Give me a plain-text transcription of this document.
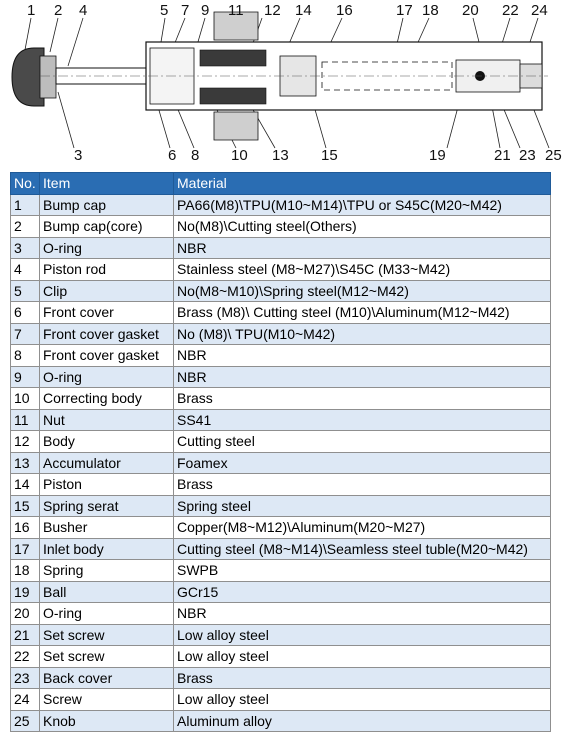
1 2 4	5 7 9 11 12 14 16	17 18 20 22 24
3	6 8 10 13 15	19	21 23 25
No.	Item	Material
1	Bump cap	PA66(M8)\TPU(M10~M14)\TPU or S45C(M20~M42)
2	Bump cap(core)	No(M8)\Cutting steel(Others)
3	O-ring	NBR
4	Piston rod	Stainless steel (M8~M27)\S45C (M33~M42)
5	Clip	No(M8~M10)\Spring steel(M12~M42)
6	Front cover	Brass (M8)\ Cutting steel (M10)\Aluminum(M12~M42)
7	Front cover gasket	No (M8)\ TPU(M10~M42)
8	Front cover gasket	NBR
9	O-ring	NBR
10	Correcting body	Brass
11	Nut	SS41
12	Body	Cutting steel
13	Accumulator	Foamex
14	Piston	Brass
15	Spring serat	Spring steel
16	Busher	Copper(M8~M12)\Aluminum(M20~M27)
17	Inlet body	Cutting steel (M8~M14)\Seamless steel tuble(M20~M42)
18	Spring	SWPB
19	Ball	GCr15
20	O-ring	NBR
21	Set screw	Low alloy steel
22	Set screw	Low alloy steel
23	Back cover	Brass
24	Screw	Low alloy steel
25	Knob	Aluminum alloy
